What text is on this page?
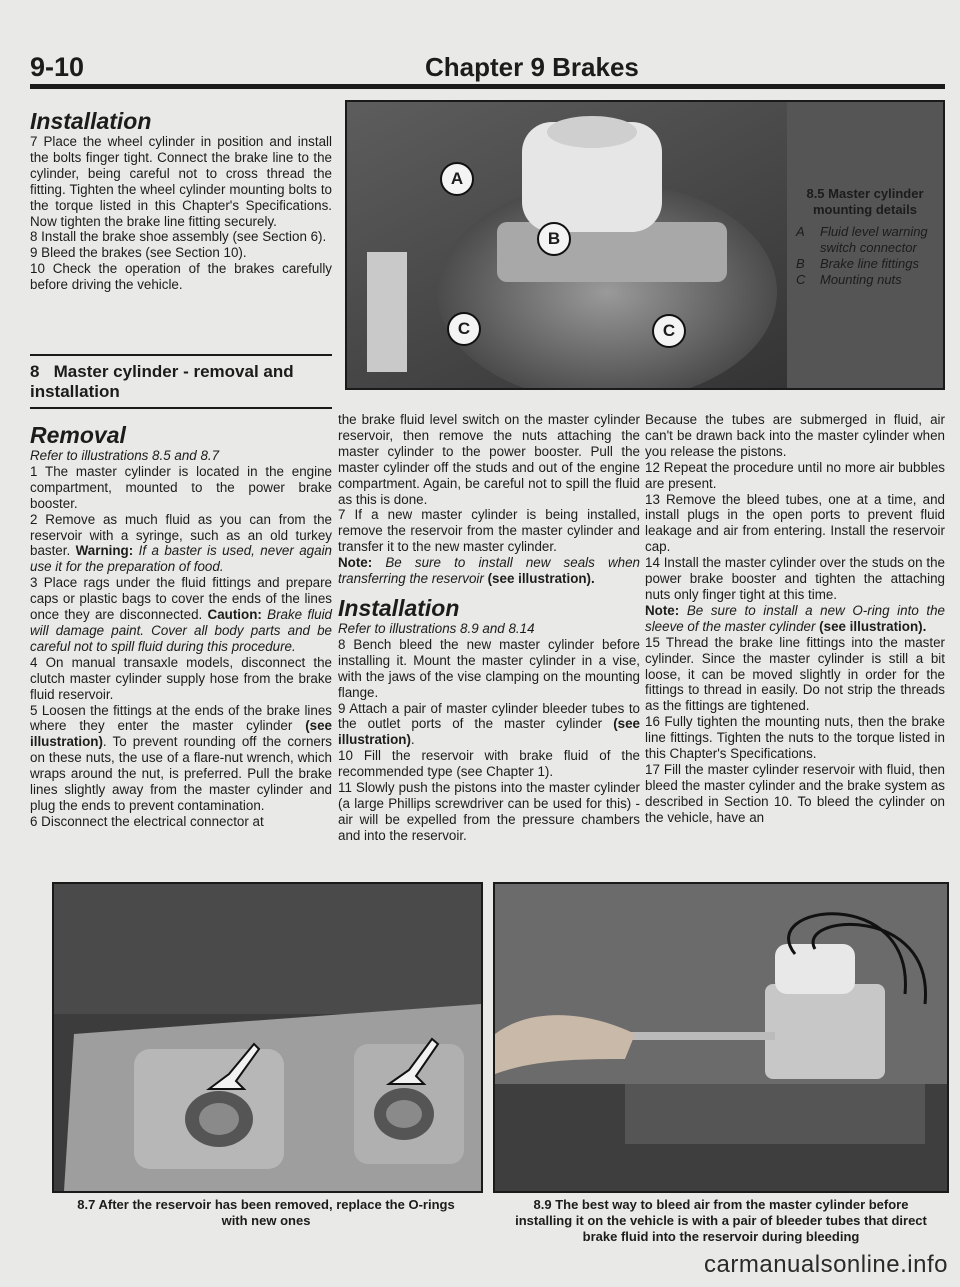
9-10	Chapter 9 Brakes

Installation

7 Place the wheel cylinder in position and install the bolts finger tight. Connect the brake line to the cylinder, being careful not to cross thread the fitting. Tighten the wheel cylinder mounting bolts to the torque listed in this Chapter's Specifications. Now tighten the brake line fitting securely.

8 Install the brake shoe assembly (see Section 6).

9 Bleed the brakes (see Section 10).

10 Check the operation of the brakes carefully before driving the vehicle.

8 Master cylinder - removal and installation
A
B
C	C
8.5 Master cylinder mounting details
A	Fluid level warning switch connector
B	Brake line fittings
C	Mounting nuts

Removal

Refer to illustrations 8.5 and 8.7

1 The master cylinder is located in the engine compartment, mounted to the power brake booster.

2 Remove as much fluid as you can from the reservoir with a syringe, such as an old turkey baster. Warning: If a baster is used, never again use it for the preparation of food.

3 Place rags under the fluid fittings and prepare caps or plastic bags to cover the ends of the lines once they are disconnected. Caution: Brake fluid will damage paint. Cover all body parts and be careful not to spill fluid during this procedure.

4 On manual transaxle models, disconnect the clutch master cylinder supply hose from the brake fluid reservoir.

5 Loosen the fittings at the ends of the brake lines where they enter the master cylinder (see illustration). To prevent rounding off the corners on these nuts, the use of a flare-nut wrench, which wraps around the nut, is preferred. Pull the brake lines slightly away from the master cylinder and plug the ends to prevent contamination.

6 Disconnect the electrical connector at

the brake fluid level switch on the master cylinder reservoir, then remove the nuts attaching the master cylinder to the power booster. Pull the master cylinder off the studs and out of the engine compartment. Again, be careful not to spill the fluid as this is done.

7 If a new master cylinder is being installed, remove the reservoir from the master cylinder and transfer it to the new master cylinder.

Note: Be sure to install new seals when transferring the reservoir (see illustration).

Installation

Refer to illustrations 8.9 and 8.14

8 Bench bleed the new master cylinder before installing it. Mount the master cylinder in a vise, with the jaws of the vise clamping on the mounting flange.

9 Attach a pair of master cylinder bleeder tubes to the outlet ports of the master cylinder (see illustration).

10 Fill the reservoir with brake fluid of the recommended type (see Chapter 1).

11 Slowly push the pistons into the master cylinder (a large Phillips screwdriver can be used for this) - air will be expelled from the pressure chambers and into the reservoir.

Because the tubes are submerged in fluid, air can't be drawn back into the master cylinder when you release the pistons.

12 Repeat the procedure until no more air bubbles are present.

13 Remove the bleed tubes, one at a time, and install plugs in the open ports to prevent fluid leakage and air from entering. Install the reservoir cap.

14 Install the master cylinder over the studs on the power brake booster and tighten the attaching nuts only finger tight at this time.

Note: Be sure to install a new O-ring into the sleeve of the master cylinder (see illustration).

15 Thread the brake line fittings into the master cylinder. Since the master cylinder is still a bit loose, it can be moved slightly in order for the fittings to thread in easily. Do not strip the threads as the fittings are tightened.

16 Fully tighten the mounting nuts, then the brake line fittings. Tighten the nuts to the torque listed in this Chapter's Specifications.

17 Fill the master cylinder reservoir with fluid, then bleed the master cylinder and the brake system as described in Section 10. To bleed the cylinder on the vehicle, have an

8.7 After the reservoir has been removed, replace the O-rings with new ones
8.9 The best way to bleed air from the master cylinder before installing it on the vehicle is with a pair of bleeder tubes that direct brake fluid into the reservoir during bleeding
carmanualsonline.info
